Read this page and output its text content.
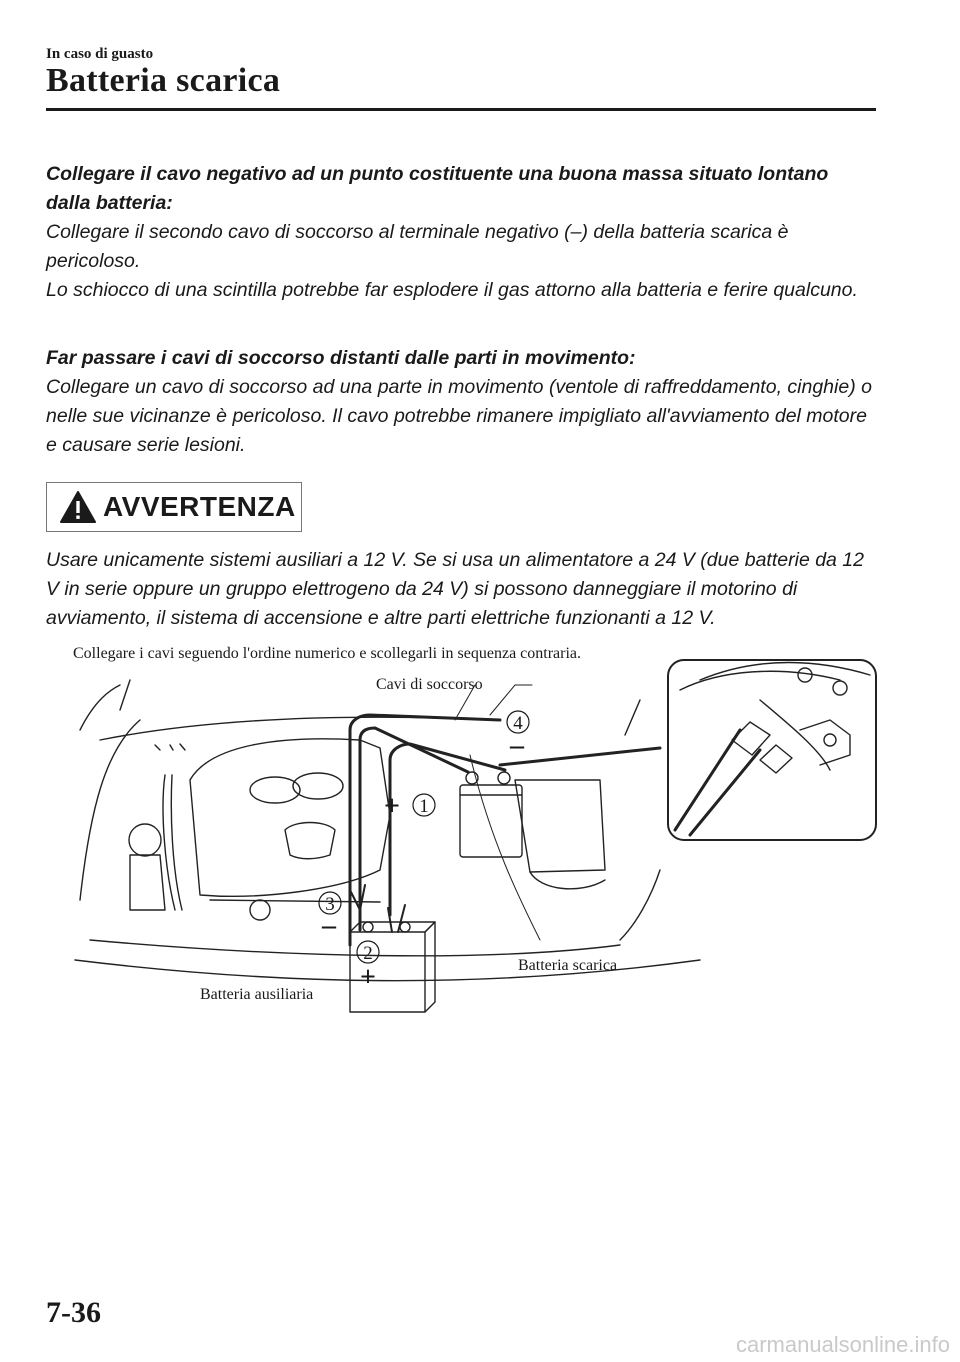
In caso di guasto
Batteria scarica

Collegare il cavo negativo ad un punto costituente una buona massa situato lontano dalla batteria:

Collegare il secondo cavo di soccorso al terminale negativo (–) della batteria scarica è pericoloso.

Lo schiocco di una scintilla potrebbe far esplodere il gas attorno alla batteria e ferire qualcuno.

Far passare i cavi di soccorso distanti dalle parti in movimento:

Collegare un cavo di soccorso ad una parte in movimento (ventole di raffreddamento, cinghie) o nelle sue vicinanze è pericoloso. Il cavo potrebbe rimanere impigliato all'avviamento del motore e causare serie lesioni.

AVVERTENZA

Usare unicamente sistemi ausiliari a 12 V. Se si usa un alimentatore a 24 V (due batterie da 12 V in serie oppure un gruppo elettrogeno da 24 V) si possono danneggiare il motorino di avviamento, il sistema di accensione e altre parti elettriche funzionanti a 12 V.

Collegare i cavi seguendo l'ordine numerico e scollegarli in sequenza contraria.
Cavi di soccorso
Batteria ausiliaria
Batteria scarica
+ 1
2
+
3
–
4
–
7-36
carmanualsonline.info
